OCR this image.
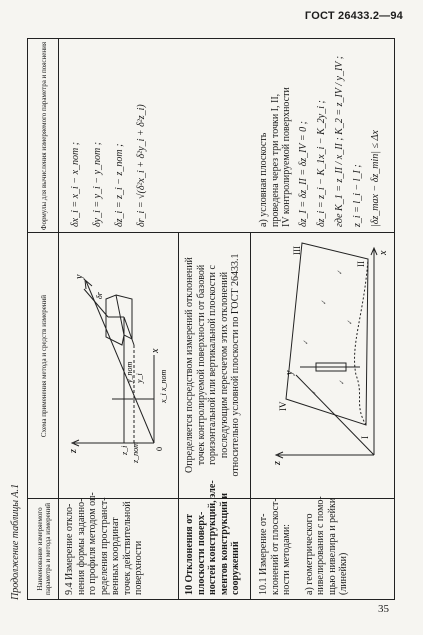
ГОСТ 26433.2—94
Продолжение таблицы А.1	Наименование измеряемого параметра и метода измерений
Схема применения метода и средств измерений
Формулы для вычисления измеряемого параметра и пояснения
9.4 Измерение откло- нения формы заданно- го профиля методом оп- ределения пространст- венных координат точек действительной поверхности
z
x
y
z_i z_nom
x_i
x_nom
y_nom y_i
δr
0
δx_i = x_i − x_nom ; δy_i = y_i − y_nom ; δz_i = z_i − z_nom ; δr_i = √(δ²x_i + δ²y_i + δ²z_i)
10 Отклонения от плоскости поверх- ностей конструкций, эле- ментов конструкций и сооружений
Определяется посредством измерений отклонений точек контролируемой поверхности от базовой горизонтальной или вертикальной плоскости с последующим пересчетом этих отклонений относительно условной плоскости по ГОСТ 26433.1
10.1 Измерение от- клонений от плоскост- ности методами: а) геометрического нивелирования с помо- щью нивелира и рейки (линейки)
✓
✓
✓
✓
✓
✓
z
x
y
I
II
III
IV
а) условная плоскость проведена через три точки I, II, IV контролируемой поверхности δz_I = δz_II = δz_IV = 0 ; δz_i = z_i − K_1x_i − K_2y_i ; где K_1 = z_II / x_II ; K_2 = z_IV / y_IV ; z_i = l_i − l_I ; |δz_max − δz_min| ≤ Δx
35
